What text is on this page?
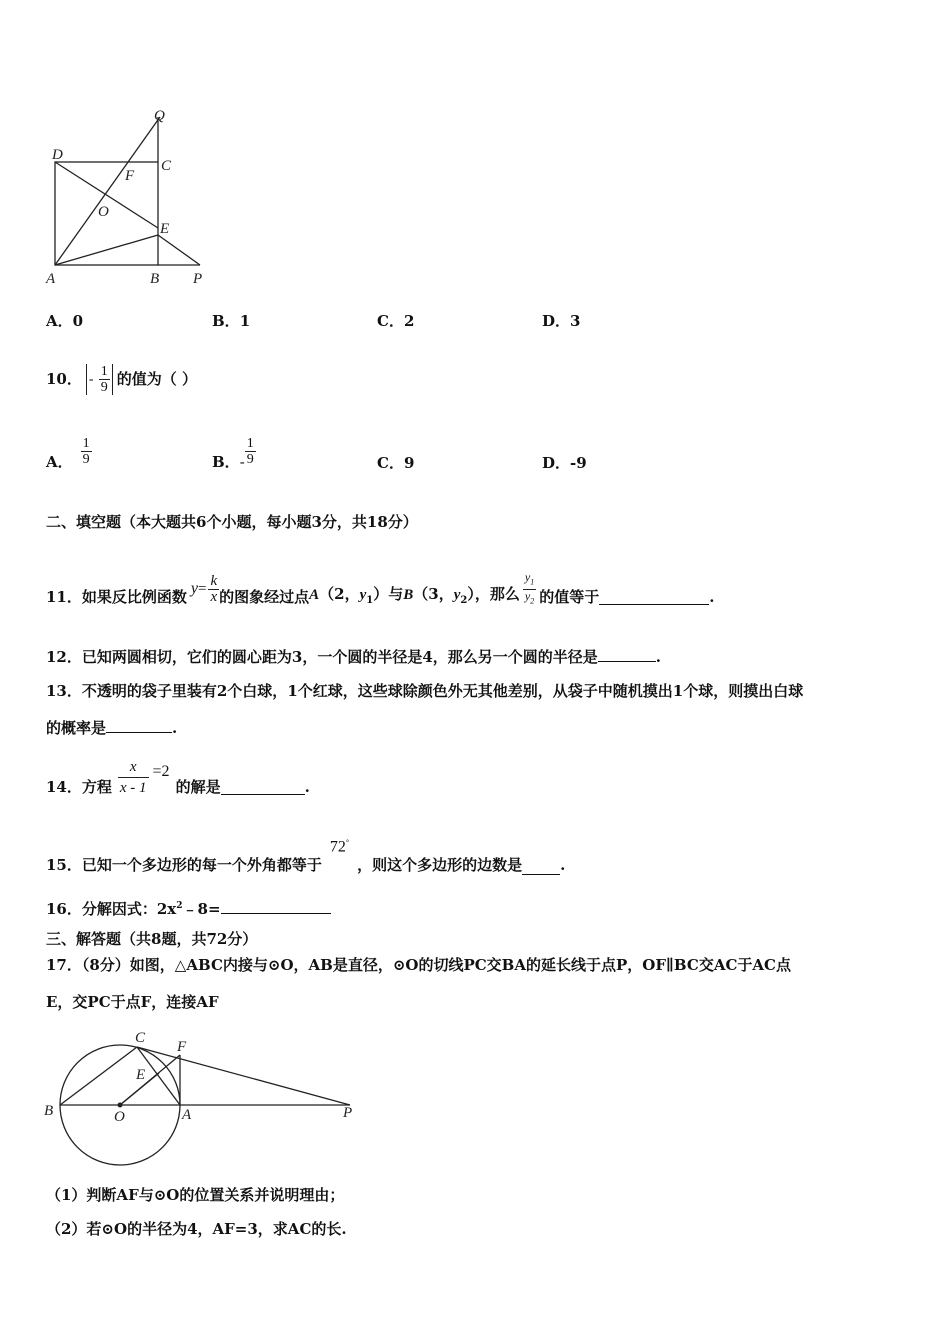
Q
D
C
F
O
E
A	B P
A．0	B．1	C．2	D．3
10． - $\frac{1}{9}$ 的值为（ ）
A． $\frac{1}{9}$	B． - $\frac{1}{9}$	C．9	D．-9
二、填空题（本大题共6个小题，每小题3分，共18分）
11． 如果反比例函数 $y = \frac{k}{x}$ 的图象经过点 A（2，$y_1$）与B（3，$y_2$），那么 $\frac{y_1}{y_2}$ 的值等于	.
12．已知两圆相切，它们的圆心距为3，一个圆的半径是4，那么另一个圆的半径是	.
13．不透明的袋子里装有2个白球，1个红球，这些球除颜色外无其他差别，从袋子中随机摸出1个球，则摸出白球
的概率是	.
14．方程 $\frac{x}{x - 1} =2$
的解是	.
15．已知一个多边形的每一个外角都等于
72°
，则这个多边形的边数是	.
16．分解因式：$2x^2﹣8=$
三、解答题（共8题，共72分）
17．（8分）如图，△ABC内接与⊙O，AB是直径，⊙O的切线PC交BA的延长线于点P，OF∥BC交AC于AC点
E，交PC于点F，连接AF
C
F
E
B	O	A	P
（1）判断AF与⊙O的位置关系并说明理由；
（2）若⊙O的半径为4，AF=3，求AC的长.
